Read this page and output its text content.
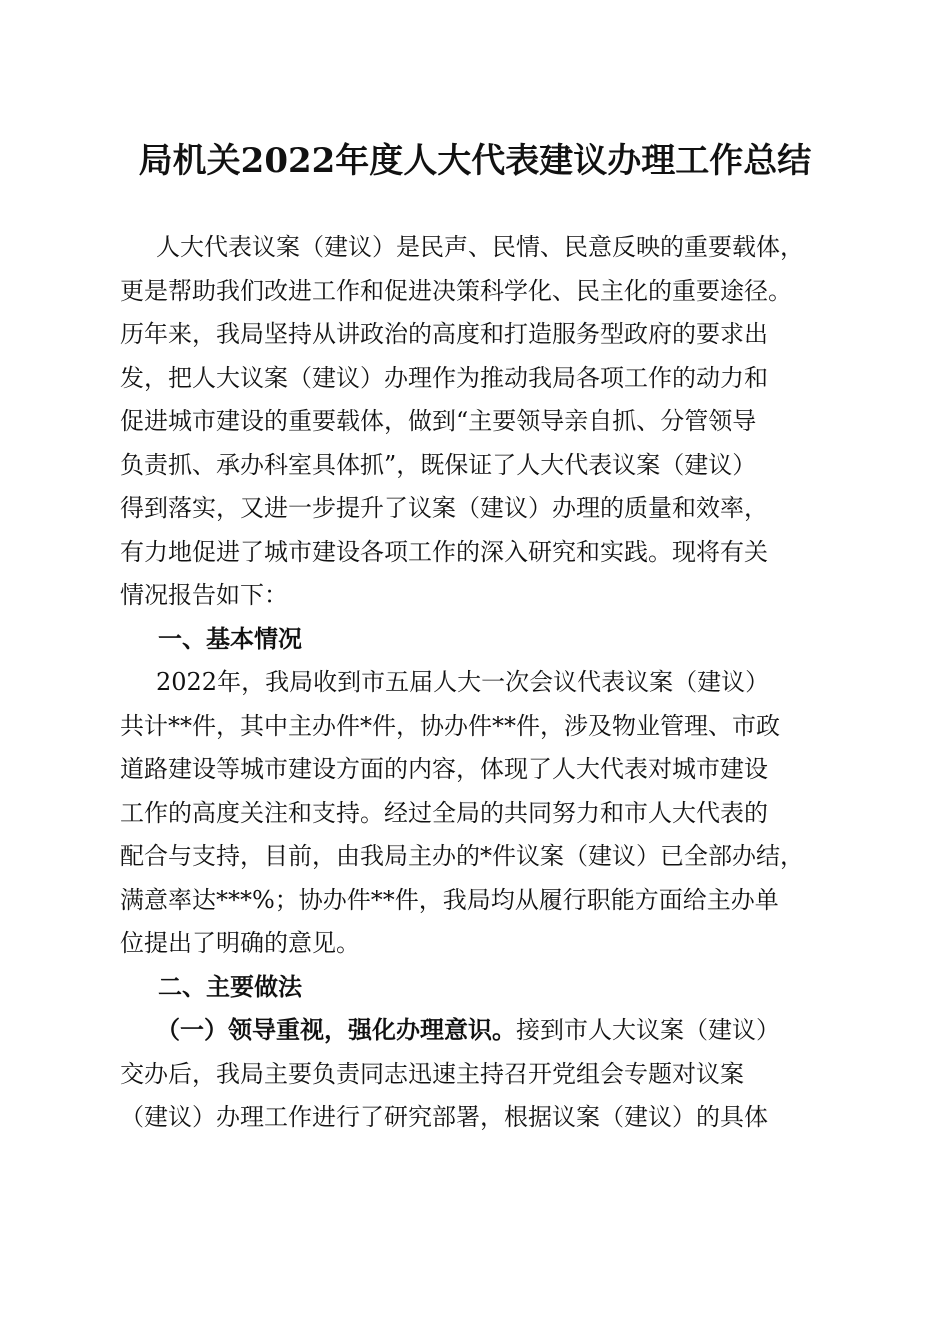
局机关2022年度人大代表建议办理工作总结
人大代表议案（建议）是民声、民情、民意反映的重要载体，
更是帮助我们改进工作和促进决策科学化、民主化的重要途径。
历年来，我局坚持从讲政治的高度和打造服务型政府的要求出
发，把人大议案（建议）办理作为推动我局各项工作的动力和
促进城市建设的重要载体，做到“主要领导亲自抓、分管领导
负责抓、承办科室具体抓”，既保证了人大代表议案（建议）
得到落实，又进一步提升了议案（建议）办理的质量和效率，
有力地促进了城市建设各项工作的深入研究和实践。现将有关
情况报告如下：
一、基本情况
2022年，我局收到市五届人大一次会议代表议案（建议）
共计**件，其中主办件*件，协办件**件，涉及物业管理、市政
道路建设等城市建设方面的内容，体现了人大代表对城市建设
工作的高度关注和支持。经过全局的共同努力和市人大代表的
配合与支持，目前，由我局主办的*件议案（建议）已全部办结，
满意率达***%；协办件**件，我局均从履行职能方面给主办单
位提出了明确的意见。
二、主要做法
（一）领导重视，强化办理意识。接到市人大议案（建议）
交办后，我局主要负责同志迅速主持召开党组会专题对议案
（建议）办理工作进行了研究部署，根据议案（建议）的具体
